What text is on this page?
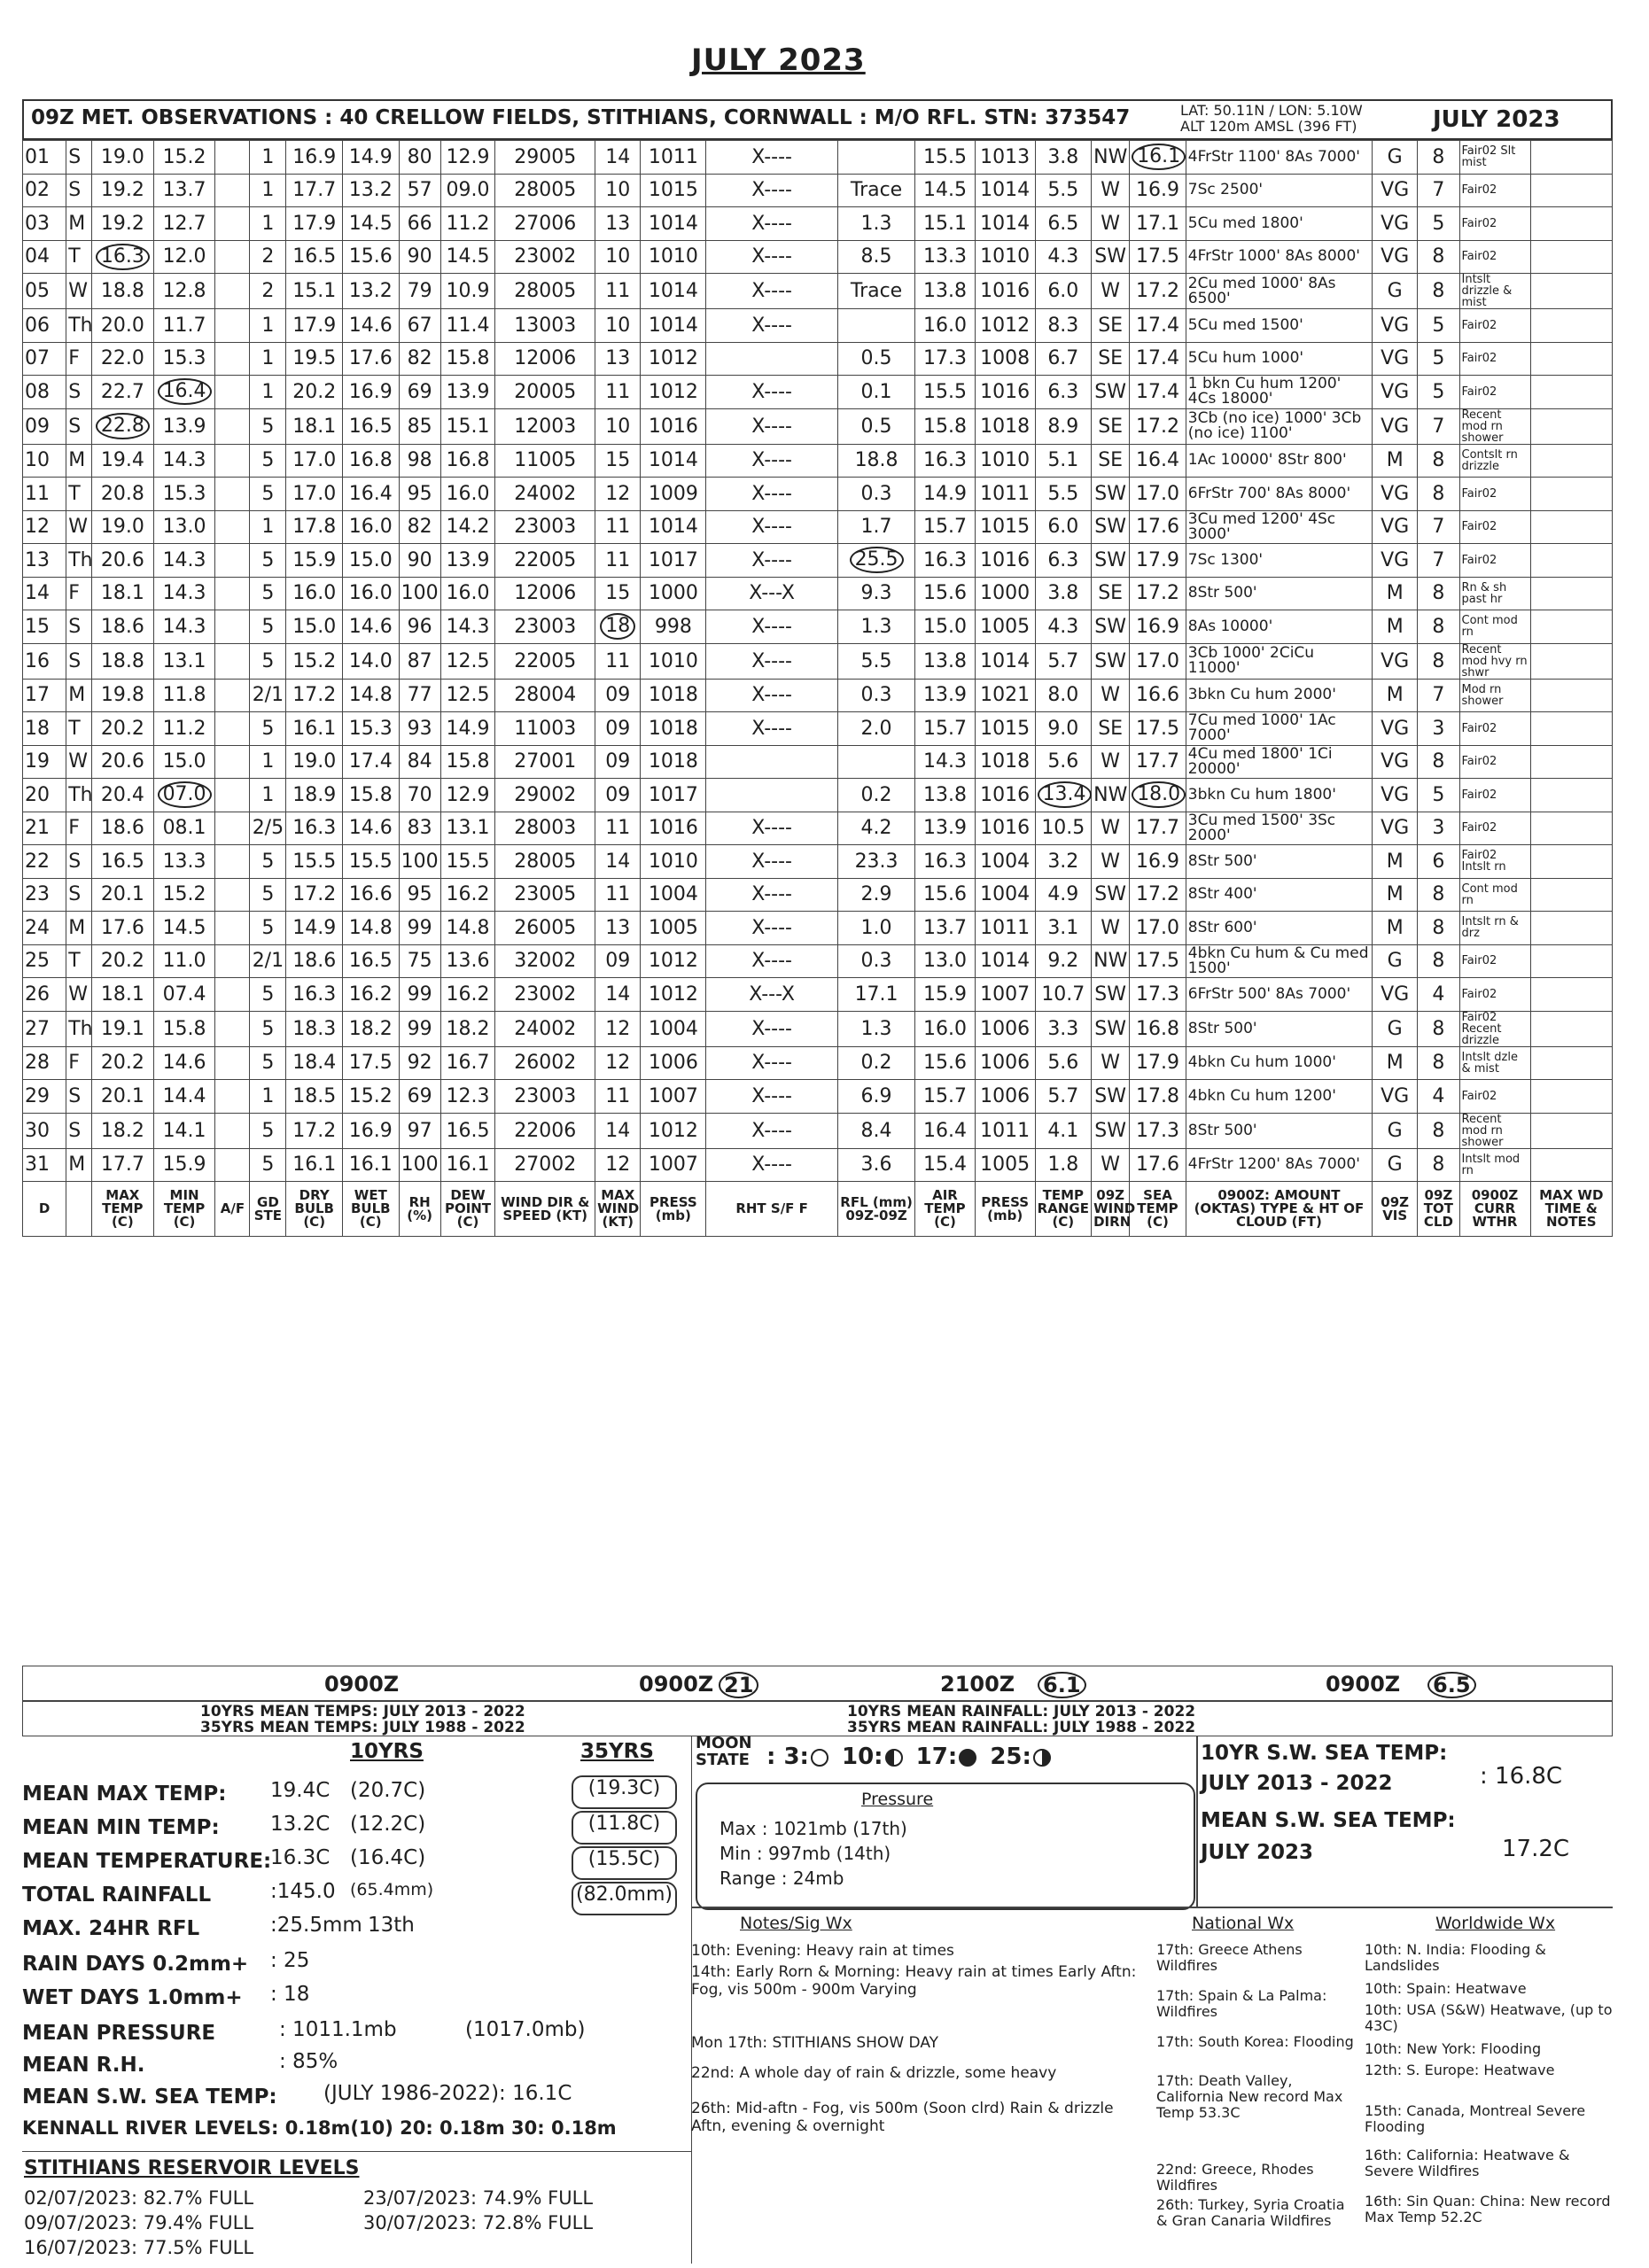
JULY 2023
09Z MET. OBSERVATIONS : 40 CRELLOW FIELDS, STITHIANS, CORNWALL : M/O RFL. STN: 373547	LAT: 50.11N / LON: 5.10W
ALT 120m AMSL (396 FT)	JULY 2023
01	S	19.0	15.2		1	16.9	14.9	80	12.9	29005	14	1011	X----		15.5	1013	3.8	NW	16.1	4FrStr 1100' 8As 7000'	G	8	Fair02 Slt mist	
02	S	19.2	13.7		1	17.7	13.2	57	09.0	28005	10	1015	X----	Trace	14.5	1014	5.5	W	16.9	7Sc 2500'	VG	7	Fair02	
03	M	19.2	12.7		1	17.9	14.5	66	11.2	27006	13	1014	X----	1.3	15.1	1014	6.5	W	17.1	5Cu med 1800'	VG	5	Fair02	
04	T	16.3	12.0		2	16.5	15.6	90	14.5	23002	10	1010	X----	8.5	13.3	1010	4.3	SW	17.5	4FrStr 1000' 8As 8000'	VG	8	Fair02	
05	W	18.8	12.8		2	15.1	13.2	79	10.9	28005	11	1014	X----	Trace	13.8	1016	6.0	W	17.2	2Cu med 1000' 8As 6500'	G	8	Intslt drizzle & mist	
06	Th	20.0	11.7		1	17.9	14.6	67	11.4	13003	10	1014	X----		16.0	1012	8.3	SE	17.4	5Cu med 1500'	VG	5	Fair02	
07	F	22.0	15.3		1	19.5	17.6	82	15.8	12006	13	1012		0.5	17.3	1008	6.7	SE	17.4	5Cu hum 1000'	VG	5	Fair02	
08	S	22.7	16.4		1	20.2	16.9	69	13.9	20005	11	1012	X----	0.1	15.5	1016	6.3	SW	17.4	1 bkn Cu hum 1200' 4Cs 18000'	VG	5	Fair02	
09	S	22.8	13.9		5	18.1	16.5	85	15.1	12003	10	1016	X----	0.5	15.8	1018	8.9	SE	17.2	3Cb (no ice) 1000' 3Cb (no ice) 1100'	VG	7	Recent mod rn shower	
10	M	19.4	14.3		5	17.0	16.8	98	16.8	11005	15	1014	X----	18.8	16.3	1010	5.1	SE	16.4	1Ac 10000' 8Str 800'	M	8	Contslt rn drizzle	
11	T	20.8	15.3		5	17.0	16.4	95	16.0	24002	12	1009	X----	0.3	14.9	1011	5.5	SW	17.0	6FrStr 700' 8As 8000'	VG	8	Fair02	
12	W	19.0	13.0		1	17.8	16.0	82	14.2	23003	11	1014	X----	1.7	15.7	1015	6.0	SW	17.6	3Cu med 1200' 4Sc 3000'	VG	7	Fair02	
13	Th	20.6	14.3		5	15.9	15.0	90	13.9	22005	11	1017	X----	25.5	16.3	1016	6.3	SW	17.9	7Sc 1300'	VG	7	Fair02	
14	F	18.1	14.3		5	16.0	16.0	100	16.0	12006	15	1000	X---X	9.3	15.6	1000	3.8	SE	17.2	8Str 500'	M	8	Rn & sh past hr	
15	S	18.6	14.3		5	15.0	14.6	96	14.3	23003	18	998	X----	1.3	15.0	1005	4.3	SW	16.9	8As 10000'	M	8	Cont mod rn	
16	S	18.8	13.1		5	15.2	14.0	87	12.5	22005	11	1010	X----	5.5	13.8	1014	5.7	SW	17.0	3Cb 1000' 2CiCu 11000'	VG	8	Recent mod hvy rn shwr	
17	M	19.8	11.8		2/1	17.2	14.8	77	12.5	28004	09	1018	X----	0.3	13.9	1021	8.0	W	16.6	3bkn Cu hum 2000'	M	7	Mod rn shower	
18	T	20.2	11.2		5	16.1	15.3	93	14.9	11003	09	1018	X----	2.0	15.7	1015	9.0	SE	17.5	7Cu med 1000' 1Ac 7000'	VG	3	Fair02	
19	W	20.6	15.0		1	19.0	17.4	84	15.8	27001	09	1018			14.3	1018	5.6	W	17.7	4Cu med 1800' 1Ci 20000'	VG	8	Fair02	
20	Th	20.4	07.0		1	18.9	15.8	70	12.9	29002	09	1017		0.2	13.8	1016	13.4	NW	18.0	3bkn Cu hum 1800'	VG	5	Fair02	
21	F	18.6	08.1		2/5	16.3	14.6	83	13.1	28003	11	1016	X----	4.2	13.9	1016	10.5	W	17.7	3Cu med 1500' 3Sc 2000'	VG	3	Fair02	
22	S	16.5	13.3		5	15.5	15.5	100	15.5	28005	14	1010	X----	23.3	16.3	1004	3.2	W	16.9	8Str 500'	M	6	Fair02 Intslt rn	
23	S	20.1	15.2		5	17.2	16.6	95	16.2	23005	11	1004	X----	2.9	15.6	1004	4.9	SW	17.2	8Str 400'	M	8	Cont mod rn	
24	M	17.6	14.5		5	14.9	14.8	99	14.8	26005	13	1005	X----	1.0	13.7	1011	3.1	W	17.0	8Str 600'	M	8	Intslt rn & drz	
25	T	20.2	11.0		2/1	18.6	16.5	75	13.6	32002	09	1012	X----	0.3	13.0	1014	9.2	NW	17.5	4bkn Cu hum & Cu med 1500'	G	8	Fair02	
26	W	18.1	07.4		5	16.3	16.2	99	16.2	23002	14	1012	X---X	17.1	15.9	1007	10.7	SW	17.3	6FrStr 500' 8As 7000'	VG	4	Fair02	
27	Th	19.1	15.8		5	18.3	18.2	99	18.2	24002	12	1004	X----	1.3	16.0	1006	3.3	SW	16.8	8Str 500'	G	8	Fair02 Recent drizzle	
28	F	20.2	14.6		5	18.4	17.5	92	16.7	26002	12	1006	X----	0.2	15.6	1006	5.6	W	17.9	4bkn Cu hum 1000'	M	8	Intslt dzle & mist	
29	S	20.1	14.4		1	18.5	15.2	69	12.3	23003	11	1007	X----	6.9	15.7	1006	5.7	SW	17.8	4bkn Cu hum 1200'	VG	4	Fair02	
30	S	18.2	14.1		5	17.2	16.9	97	16.5	22006	14	1012	X----	8.4	16.4	1011	4.1	SW	17.3	8Str 500'	G	8	Recent mod rn shower	
31	M	17.7	15.9		5	16.1	16.1	100	16.1	27002	12	1007	X----	3.6	15.4	1005	1.8	W	17.6	4FrStr 1200' 8As 7000'	G	8	Intslt mod rn	
D		MAX TEMP (C)	MIN TEMP (C)	A/F	GD STE	DRY BULB (C)	WET BULB (C)	RH (%)	DEW POINT (C)	WIND DIR & SPEED (KT)	MAX WIND (KT)	PRESS (mb)	RHT S/F F	RFL (mm) 09Z-09Z	AIR TEMP (C)	PRESS (mb)	TEMP RANGE (C)	09Z WIND DIRN	SEA TEMP (C)	0900Z: AMOUNT (OKTAS) TYPE & HT OF CLOUD (FT)	09Z VIS	09Z TOT CLD	0900Z CURR WTHR	MAX WD TIME & NOTES
0900Z	0900Z 21	2100Z 6.1	0900Z 6.5
10YRS MEAN TEMPS: JULY 2013 - 2022
35YRS MEAN TEMPS: JULY 1988 - 2022
10YRS MEAN RAINFALL: JULY 2013 - 2022
35YRS MEAN RAINFALL: JULY 1988 - 2022
10YRS	35YRS
MEAN MAX TEMP: 19.4C (20.7C)	(19.3C)
MEAN MIN TEMP: 13.2C (12.2C)	(11.8C)
MEAN TEMPERATURE:
16.3C (16.4C)	(15.5C)
TOTAL RAINFALL	:145.0 (65.4mm)	(82.0mm)
MAX. 24HR RFL	:25.5mm 13th
RAIN DAYS 0.2mm+ : 25
WET DAYS 1.0mm+ : 18
MEAN PRESSURE	: 1011.1mb	(1017.0mb)
MEAN R.H.	: 85%
MEAN S.W. SEA TEMP: (JULY 1986-2022): 16.1C
KENNALL RIVER LEVELS: 0.18m(10) 20: 0.18m 30: 0.18m
MOON STATE : 3: 10: 17: 25:
Pressure
Max : 1021mb (17th)
Min : 997mb (14th)
Range : 24mb
10YR S.W. SEA TEMP:
JULY 2013 - 2022	: 16.8C
MEAN S.W. SEA TEMP:
JULY 2023	17.2C
Notes/Sig Wx
10th: Evening: Heavy rain at times
14th: Early Rorn & Morning: Heavy rain at times Early Aftn: Fog, vis 500m - 900m Varying
Mon 17th: STITHIANS SHOW DAY
22nd: A whole day of rain & drizzle, some heavy
26th: Mid-aftn - Fog, vis 500m (Soon clrd) Rain & drizzle Aftn, evening & overnight
National Wx
17th: Greece Athens Wildfires
17th: Spain & La Palma: Wildfires
17th: South Korea: Flooding
17th: Death Valley, California New record Max Temp 53.3C
22nd: Greece, Rhodes Wildfires
26th: Turkey, Syria Croatia & Gran Canaria Wildfires
Worldwide Wx
10th: N. India: Flooding & Landslides
10th: Spain: Heatwave
10th: USA (S&W) Heatwave, (up to 43C)
10th: New York: Flooding
12th: S. Europe: Heatwave
15th: Canada, Montreal Severe Flooding
16th: California: Heatwave & Severe Wildfires
16th: Sin Quan: China: New record Max Temp 52.2C
STITHIANS RESERVOIR LEVELS
02/07/2023: 82.7% FULL
09/07/2023: 79.4% FULL
16/07/2023: 77.5% FULL
23/07/2023: 74.9% FULL
30/07/2023: 72.8% FULL
